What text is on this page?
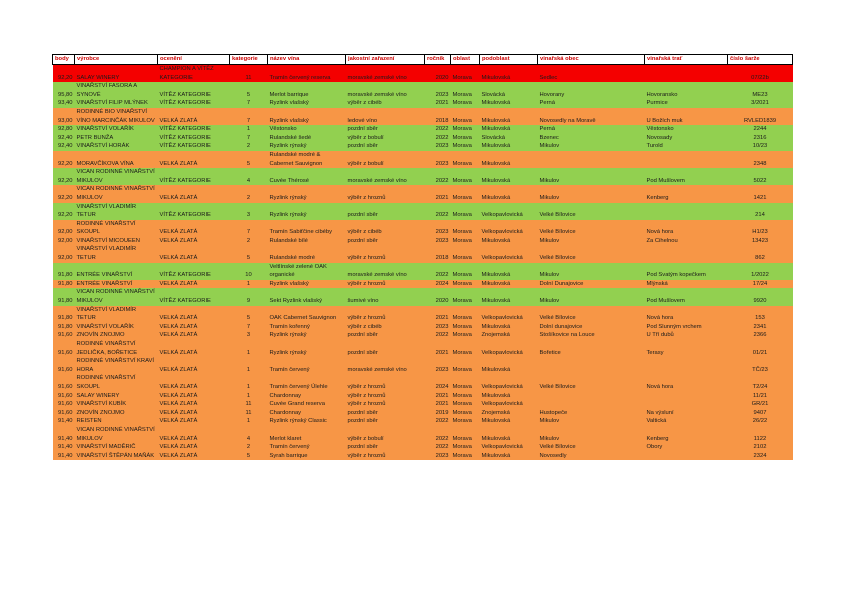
body	výrobce	ocenění	kategorie	název vína	jakostní zařazení	ročník	oblast	podoblast	vinařská obec	vinařská trať	číslo šarže
92,20	SALAY WINERY	CHAMPION A VÍTĚZ KATEGORIE	11	Tramín červený reserva	moravské zemské víno	2020	Morava	Mikulovská	Sedlec		07/22b
95,80	VINAŘSTVÍ FASORA A SYNOVÉ	VÍTĚZ KATEGORIE	5	Merlot barrique	moravské zemské víno	2023	Morava	Slovácká	Hovorany	Hovoransko	ME23
93,40	VINAŘSTVÍ FILIP MLÝNEK	VÍTĚZ KATEGORIE	7	Ryzlink vlašský	výběr z cibéb	2021	Morava	Mikulovská	Perná	Purmice	3/2021
93,00	RODINNÉ BIO VINAŘSTVÍ VÍNO MARCINČÁK MIKULOV	VELKÁ ZLATÁ	7	Ryzlink vlašský	ledové víno	2018	Morava	Mikulovská	Novosedly na Moravě	U Božích muk	RVLED1839
92,80	VINAŘSTVÍ VOLAŘÍK	VÍTĚZ KATEGORIE	1	Věstonsko	pozdní sběr	2022	Morava	Mikulovská	Perná	Věstonsko	2244
92,40	PETR BUNŽA	VÍTĚZ KATEGORIE	7	Rulandské šedé	výběr z bobulí	2022	Morava	Slovácká	Bzenec	Novosady	2316
92,40	VINAŘSTVÍ HORÁK	VÍTĚZ KATEGORIE	2	Ryzlink rýnský	pozdní sběr	2023	Morava	Mikulovská	Mikulov	Turold	10/23
92,20	MORAVČÍKOVA VÍNA	VELKÁ ZLATÁ	5	Rulandské modré & Cabernet Sauvignon	výběr z bobulí	2023	Morava	Mikulovská			2348
92,20	VICAN RODINNÉ VINAŘSTVÍ MIKULOV	VÍTĚZ KATEGORIE	4	Cuvée Thérosé	moravské zemské víno	2022	Morava	Mikulovská	Mikulov	Pod Mušlovem	5022
92,20	VICAN RODINNÉ VINAŘSTVÍ MIKULOV	VELKÁ ZLATÁ	2	Ryzlink rýnský	výběr z hroznů	2021	Morava	Mikulovská	Mikulov	Kenberg	1421
92,20	VINAŘSTVÍ VLADIMÍR TETUR	VÍTĚZ KATEGORIE	3	Ryzlink rýnský	pozdní sběr	2022	Morava	Velkopavlovická	Velké Bílovice		214
92,00	RODINNÉ VINAŘSTVÍ SKOUPL	VELKÁ ZLATÁ	7	Tramín Sabiťčine cibéby	výběr z cibéb	2023	Morava	Velkopavlovická	Velké Bílovice	Nová hora	H1/23
92,00	VINAŘSTVÍ MICOUEEN	VELKÁ ZLATÁ	2	Rulandské bílé	pozdní sběr	2023	Morava	Mikulovská	Mikulov	Za Cihelnou	13423
92,00	VINAŘSTVÍ VLADIMÍR TETUR	VELKÁ ZLATÁ	5	Rulandské modré	výběr z hroznů	2018	Morava	Velkopavlovická	Velké Bílovice		862
91,80	ENTRÉE VINAŘSTVÍ	VÍTĚZ KATEGORIE	10	Veltlínské zelené OAK organické	moravské zemské víno	2022	Morava	Mikulovská	Mikulov	Pod Svatým kopečkem	1/2022
91,80	ENTRÉE VINAŘSTVÍ	VELKÁ ZLATÁ	1	Ryzlink vlašský	výběr z hroznů	2024	Morava	Mikulovská	Dolní Dunajovice	Mlýnská	17/24
91,80	VICAN RODINNÉ VINAŘSTVÍ MIKULOV	VÍTĚZ KATEGORIE	9	Sekt Ryzlink vlašský	šumivé víno	2020	Morava	Mikulovská	Mikulov	Pod Mušlovem	9920
91,80	VINAŘSTVÍ VLADIMÍR TETUR	VELKÁ ZLATÁ	5	OAK Cabernet Sauvignon	výběr z hroznů	2021	Morava	Velkopavlovická	Velké Bílovice	Nová hora	153
91,80	VINAŘSTVÍ VOLAŘÍK	VELKÁ ZLATÁ	7	Tramín kořenný	výběr z cibéb	2023	Morava	Mikulovská	Dolní dunajovice	Pod Slunným vrchem	2341
91,60	ZNOVÍN ZNOJMO	VELKÁ ZLATÁ	3	Ryzlink rýnský	pozdní sběr	2022	Morava	Znojemská	Stošíkovice na Louce	U Tří dubů	2366
91,60	RODINNÉ VINAŘSTVÍ JEDLIČKA, BOŘETICE	VELKÁ ZLATÁ	1	Ryzlink rýnský	pozdní sběr	2021	Morava	Velkopavlovická	Bořetice	Terasy	01/21
91,60	RODINNÉ VINAŘSTVÍ KRAVÍ HORA	VELKÁ ZLATÁ	1	Tramín červený	moravské zemské víno	2023	Morava	Mikulovská			TČ/23
91,60	RODINNÉ VINAŘSTVÍ SKOUPL	VELKÁ ZLATÁ	1	Tramín červený Úlehle	výběr z hroznů	2024	Morava	Velkopavlovická	Velké Bílovice	Nová hora	T2/24
91,60	SALAY WINERY	VELKÁ ZLATÁ	1	Chardonnay	výběr z hroznů	2021	Morava	Mikulovská			11/21
91,60	VINAŘSTVÍ KUBÍK	VELKÁ ZLATÁ	11	Cuvée Grand reserva	výběr z hroznů	2021	Morava	Velkopavlovická			GR/21
91,60	ZNOVÍN ZNOJMO	VELKÁ ZLATÁ	11	Chardonnay	pozdní sběr	2019	Morava	Znojemská	Hustopeče	Na výsluní	9407
91,40	REISTEN	VELKÁ ZLATÁ	1	Ryzlink rýnský Classic	pozdní sběr	2022	Morava	Mikulovská	Mikulov	Valtická	26/22
91,40	VICAN RODINNÉ VINAŘSTVÍ MIKULOV	VELKÁ ZLATÁ	4	Merlot klaret	výběr z bobulí	2022	Morava	Mikulovská	Mikulov	Kenberg	1122
91,40	VINAŘSTVÍ MADĚRIČ	VELKÁ ZLATÁ	2	Tramín červený	pozdní sběr	2022	Morava	Velkopavlovická	Velké Bílovice	Obory	2102
91,40	VINAŘSTVÍ ŠTĚPÁN MAŇÁK	VELKÁ ZLATÁ	5	Syrah barrique	výběr z hroznů	2023	Morava	Mikulovská	Novosedly		2324
